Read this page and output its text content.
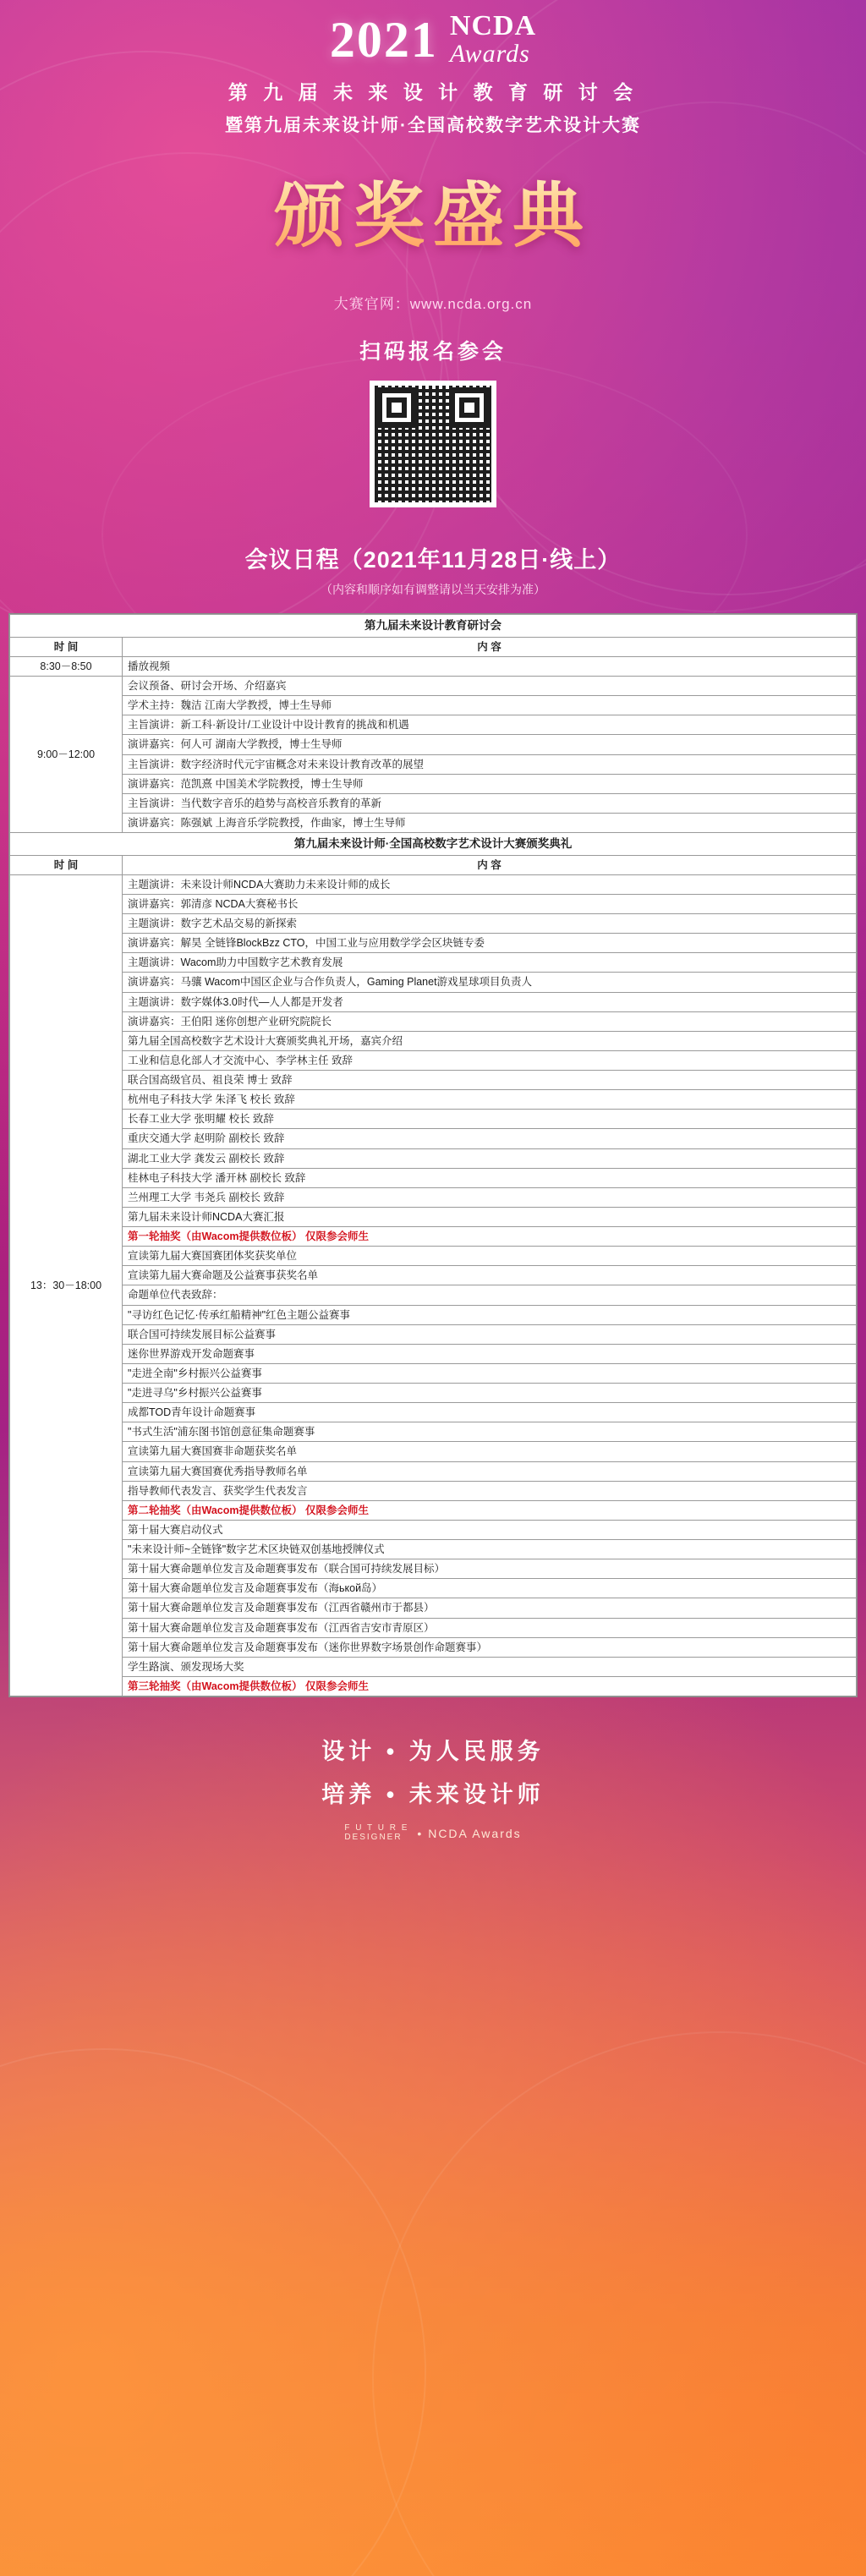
2021 NCDA
Awards
第 九 届 未 来 设 计 教 育 研 讨 会
暨第九届未来设计师·全国高校数字艺术设计大赛
颁奖盛典
大赛官网：www.ncda.org.cn
扫码报名参会
会议日程（2021年11月28日·线上）
（内容和顺序如有调整请以当天安排为准）
第九届未来设计教育研讨会	
时 间	内 容
8:30－8:50	播放视频
9:00－12:00	会议预备、研讨会开场、介绍嘉宾
	学术主持：魏洁 江南大学教授，博士生导师
	主旨演讲：新工科·新设计/工业设计中设计教育的挑战和机遇
	演讲嘉宾：何人可 湖南大学教授，博士生导师
	主旨演讲：数字经济时代元宇宙概念对未来设计教育改革的展望
	演讲嘉宾：范凯熹 中国美术学院教授，博士生导师
	主旨演讲：当代数字音乐的趋势与高校音乐教育的革新
	演讲嘉宾：陈强斌 上海音乐学院教授，作曲家，博士生导师
第九届未来设计师·全国高校数字艺术设计大赛颁奖典礼	
时 间	内 容
13：30－18:00	主题演讲：未来设计师NCDA大赛助力未来设计师的成长
	演讲嘉宾：郭清彦 NCDA大赛秘书长
	主题演讲：数字艺术品交易的新探索
	演讲嘉宾：解昊 全链锋BlockBzz CTO，中国工业与应用数学学会区块链专委
	主题演讲：Wacom助力中国数字艺术教育发展
	演讲嘉宾：马骧 Wacom中国区企业与合作负责人，Gaming Planet游戏星球项目负责人
	主题演讲：数字媒体3.0时代—人人都是开发者
	演讲嘉宾：王伯阳 迷你创想产业研究院院长
	第九届全国高校数字艺术设计大赛颁奖典礼开场，嘉宾介绍
	工业和信息化部人才交流中心、李学林主任 致辞
	联合国高级官员、祖良荣 博士 致辞
	杭州电子科技大学 朱泽飞 校长 致辞
	长春工业大学 张明耀 校长 致辞
	重庆交通大学 赵明阶 副校长 致辞
	湖北工业大学 龚发云 副校长 致辞
	桂林电子科技大学 潘开林 副校长 致辞
	兰州理工大学 韦尧兵 副校长 致辞
	第九届未来设计师NCDA大赛汇报
	第一轮抽奖（由Wacom提供数位板） 仅限参会师生
	宣读第九届大赛国赛团体奖获奖单位
	宣读第九届大赛命题及公益赛事获奖名单
	命题单位代表致辞：
	"寻访红色记忆·传承红船精神"红色主题公益赛事
	联合国可持续发展目标公益赛事
	迷你世界游戏开发命题赛事
	"走进全南"乡村振兴公益赛事
	"走进寻乌"乡村振兴公益赛事
	成都TOD青年设计命题赛事
	"书式生活"浦东图书馆创意征集命题赛事
	宣读第九届大赛国赛非命题获奖名单
	宣读第九届大赛国赛优秀指导教师名单
	指导教师代表发言、获奖学生代表发言
	第二轮抽奖（由Wacom提供数位板） 仅限参会师生
	第十届大赛启动仪式
	"未来设计师~全链锋"数字艺术区块链双创基地授牌仪式
	第十届大赛命题单位发言及命题赛事发布（联合国可持续发展目标）
	第十届大赛命题单位发言及命题赛事发布（海ькой岛）
	第十届大赛命题单位发言及命题赛事发布（江西省赣州市于都县）
	第十届大赛命题单位发言及命题赛事发布（江西省吉安市青原区）
	第十届大赛命题单位发言及命题赛事发布（迷你世界数字场景创作命题赛事）
	学生路演、颁发现场大奖
	第三轮抽奖（由Wacom提供数位板） 仅限参会师生
设计 • 为人民服务
培养 • 未来设计师
F U T U R E
DESIGNER	• NCDA Awards
